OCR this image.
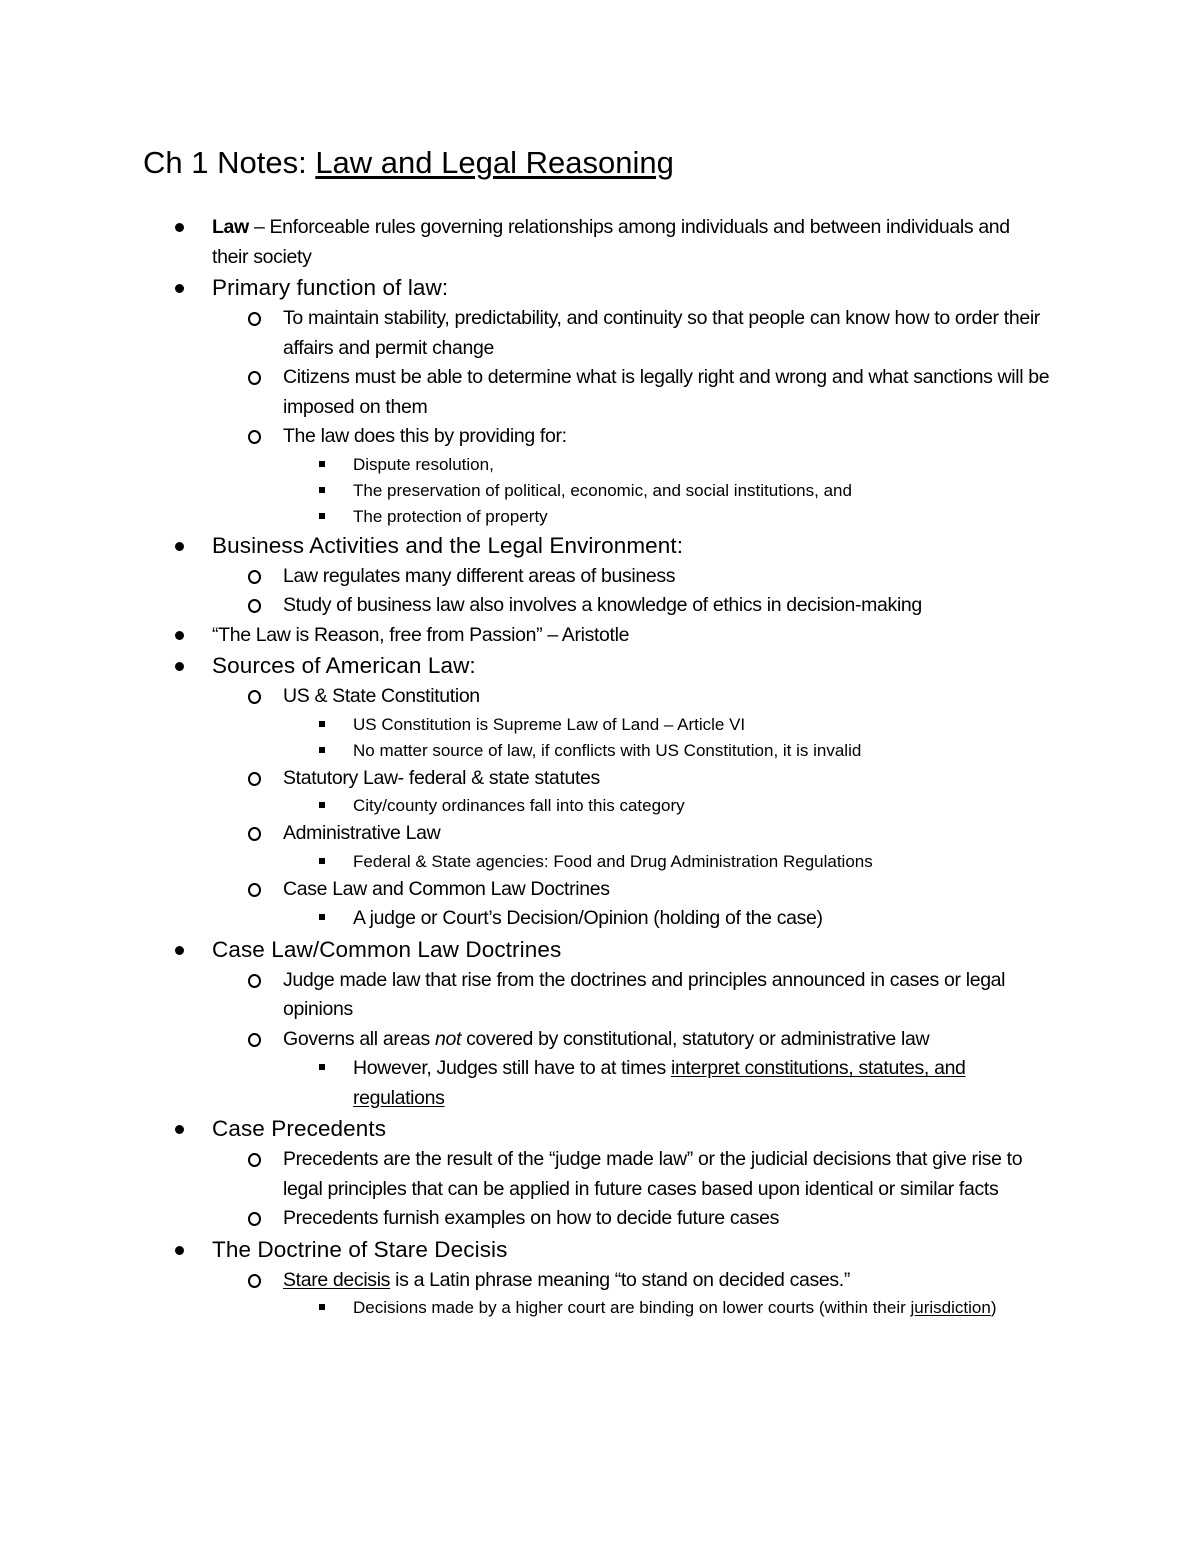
Ch 1 Notes: Law and Legal Reasoning
Law – Enforceable rules governing relationships among individuals and between individuals and their society
Primary function of law:
To maintain stability, predictability, and continuity so that people can know how to order their affairs and permit change
Citizens must be able to determine what is legally right and wrong and what sanctions will be imposed on them
The law does this by providing for:
Dispute resolution,
The preservation of political, economic, and social institutions, and
The protection of property
Business Activities and the Legal Environment:
Law regulates many different areas of business
Study of business law also involves a knowledge of ethics in decision-making
“The Law is Reason, free from Passion” – Aristotle
Sources of American Law:
US & State Constitution
US Constitution is Supreme Law of Land – Article VI
No matter source of law, if conflicts with US Constitution, it is invalid
Statutory Law- federal & state statutes
City/county ordinances fall into this category
Administrative Law
Federal & State agencies: Food and Drug Administration Regulations
Case Law and Common Law Doctrines
A judge or Court’s Decision/Opinion (holding of the case)
Case Law/Common Law Doctrines
Judge made law that rise from the doctrines and principles announced in cases or legal opinions
Governs all areas not covered by constitutional, statutory or administrative law
However, Judges still have to at times interpret constitutions, statutes, and regulations
Case Precedents
Precedents are the result of the “judge made law” or the judicial decisions that give rise to legal principles that can be applied in future cases based upon identical or similar facts
Precedents furnish examples on how to decide future cases
The Doctrine of Stare Decisis
Stare decisis is a Latin phrase meaning “to stand on decided cases.”
Decisions made by a higher court are binding on lower courts (within their jurisdiction)
